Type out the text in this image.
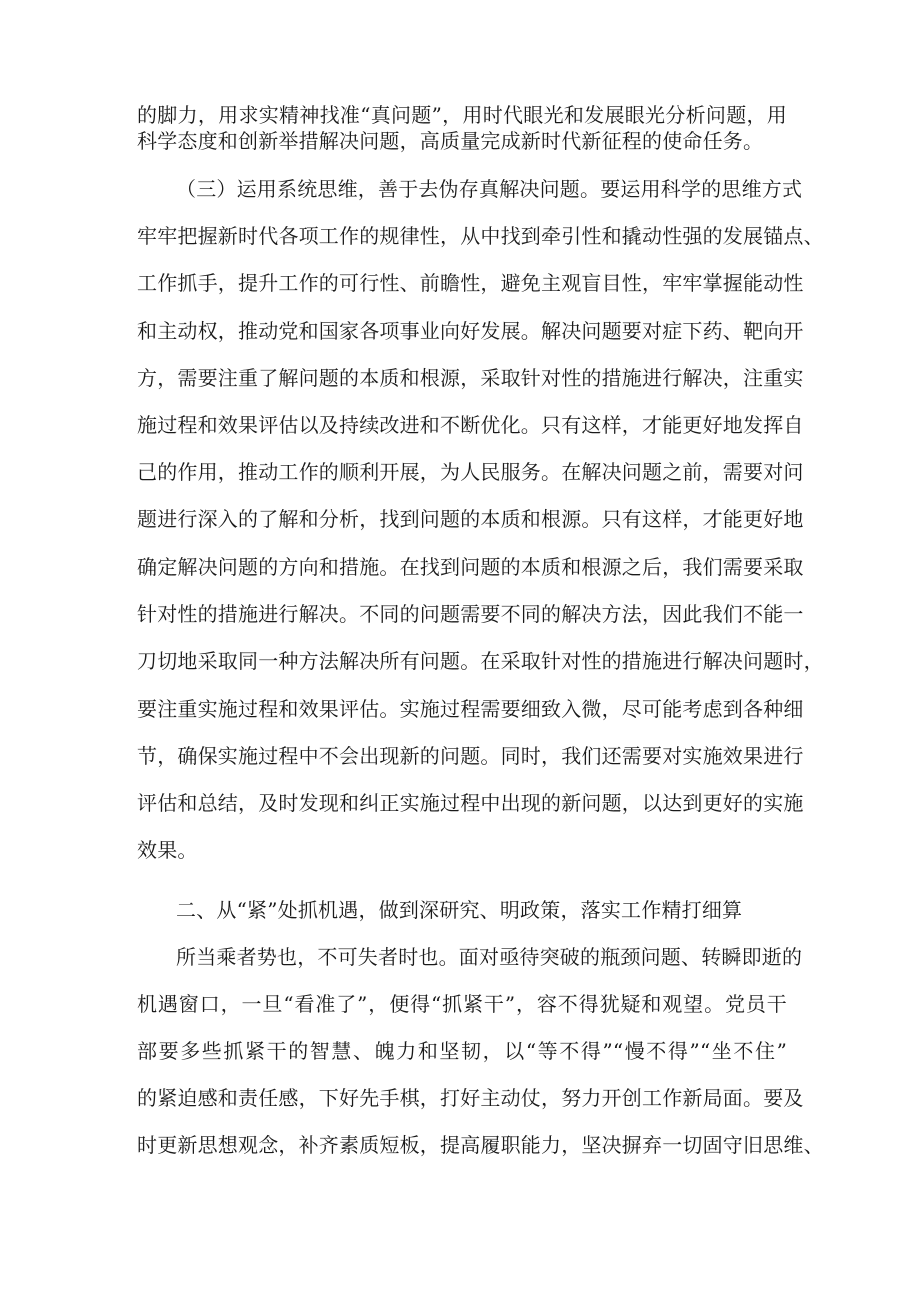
的脚力，用求实精神找准“真问题”，用时代眼光和发展眼光分析问题，用
科学态度和创新举措解决问题，高质量完成新时代新征程的使命任务。
（三）运用系统思维，善于去伪存真解决问题。要运用科学的思维方式
牢牢把握新时代各项工作的规律性，从中找到牵引性和撬动性强的发展锚点、
工作抓手，提升工作的可行性、前瞻性，避免主观盲目性，牢牢掌握能动性
和主动权，推动党和国家各项事业向好发展。解决问题要对症下药、靶向开
方，需要注重了解问题的本质和根源，采取针对性的措施进行解决，注重实
施过程和效果评估以及持续改进和不断优化。只有这样，才能更好地发挥自
己的作用，推动工作的顺利开展，为人民服务。在解决问题之前，需要对问
题进行深入的了解和分析，找到问题的本质和根源。只有这样，才能更好地
确定解决问题的方向和措施。在找到问题的本质和根源之后，我们需要采取
针对性的措施进行解决。不同的问题需要不同的解决方法，因此我们不能一
刀切地采取同一种方法解决所有问题。在采取针对性的措施进行解决问题时，
要注重实施过程和效果评估。实施过程需要细致入微，尽可能考虑到各种细
节，确保实施过程中不会出现新的问题。同时，我们还需要对实施效果进行
评估和总结，及时发现和纠正实施过程中出现的新问题，以达到更好的实施
效果。
二、从“紧”处抓机遇，做到深研究、明政策，落实工作精打细算
所当乘者势也，不可失者时也。面对亟待突破的瓶颈问题、转瞬即逝的
机遇窗口，一旦“看准了”，便得“抓紧干”，容不得犹疑和观望。党员干
部要多些抓紧干的智慧、魄力和坚韧，以“等不得”“慢不得”“坐不住”
的紧迫感和责任感，下好先手棋，打好主动仗，努力开创工作新局面。要及
时更新思想观念，补齐素质短板，提高履职能力，坚决摒弃一切固守旧思维、
